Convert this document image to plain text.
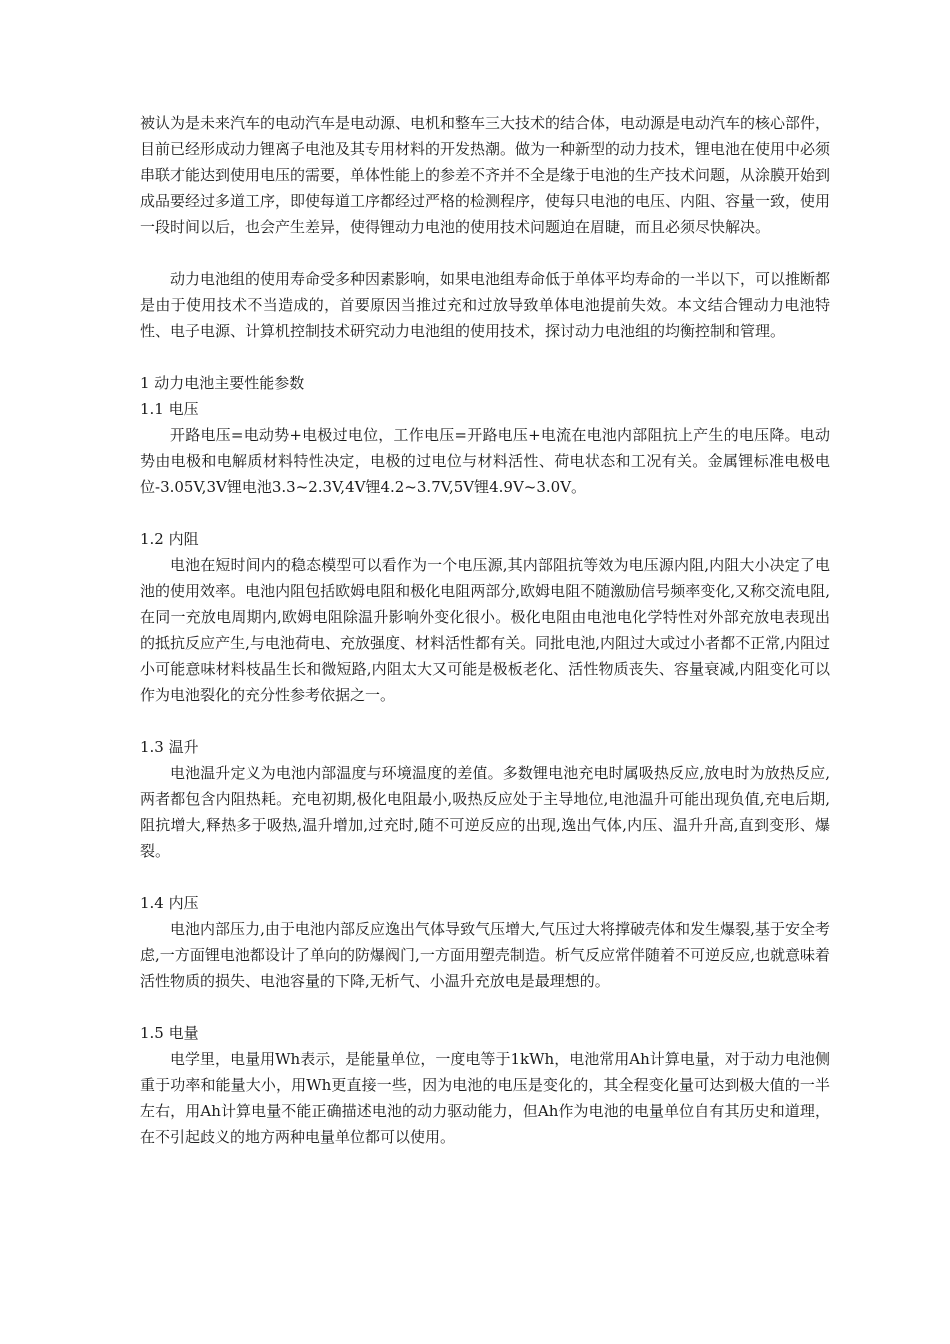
被认为是未来汽车的电动汽车是电动源、电机和整车三大技术的结合体，电动源是电动汽车的核心部件，目前已经形成动力锂离子电池及其专用材料的开发热潮。做为一种新型的动力技术，锂电池在使用中必须串联才能达到使用电压的需要，单体性能上的参差不齐并不全是缘于电池的生产技术问题，从涂膜开始到成品要经过多道工序，即使每道工序都经过严格的检测程序，使每只电池的电压、内阻、容量一致，使用一段时间以后，也会产生差异，使得锂动力电池的使用技术问题迫在眉睫，而且必须尽快解决。

动力电池组的使用寿命受多种因素影响，如果电池组寿命低于单体平均寿命的一半以下，可以推断都是由于使用技术不当造成的，首要原因当推过充和过放导致单体电池提前失效。本文结合锂动力电池特性、电子电源、计算机控制技术研究动力电池组的使用技术，探讨动力电池组的均衡控制和管理。

1 动力电池主要性能参数

1.1 电压

开路电压=电动势+电极过电位，工作电压=开路电压+电流在电池内部阻抗上产生的电压降。电动势由电极和电解质材料特性决定，电极的过电位与材料活性、荷电状态和工况有关。金属锂标准电极电位-3.05V,3V锂电池3.3~2.3V,4V锂4.2~3.7V,5V锂4.9V~3.0V。

1.2 内阻

电池在短时间内的稳态模型可以看作为一个电压源,其内部阻抗等效为电压源内阻,内阻大小决定了电池的使用效率。电池内阻包括欧姆电阻和极化电阻两部分,欧姆电阻不随激励信号频率变化,又称交流电阻,在同一充放电周期内,欧姆电阻除温升影响外变化很小。极化电阻由电池电化学特性对外部充放电表现出的抵抗反应产生,与电池荷电、充放强度、材料活性都有关。同批电池,内阻过大或过小者都不正常,内阻过小可能意味材料枝晶生长和微短路,内阻太大又可能是极板老化、活性物质丧失、容量衰减,内阻变化可以作为电池裂化的充分性参考依据之一。

1.3 温升

电池温升定义为电池内部温度与环境温度的差值。多数锂电池充电时属吸热反应,放电时为放热反应,两者都包含内阻热耗。充电初期,极化电阻最小,吸热反应处于主导地位,电池温升可能出现负值,充电后期,阻抗增大,释热多于吸热,温升增加,过充时,随不可逆反应的出现,逸出气体,内压、温升升高,直到变形、爆裂。

1.4 内压

电池内部压力,由于电池内部反应逸出气体导致气压增大,气压过大将撑破壳体和发生爆裂,基于安全考虑,一方面锂电池都设计了单向的防爆阀门,一方面用塑壳制造。析气反应常伴随着不可逆反应,也就意味着活性物质的损失、电池容量的下降,无析气、小温升充放电是最理想的。

1.5 电量

电学里，电量用Wh表示，是能量单位，一度电等于1kWh，电池常用Ah计算电量，对于动力电池侧重于功率和能量大小，用Wh更直接一些，因为电池的电压是变化的，其全程变化量可达到极大值的一半左右，用Ah计算电量不能正确描述电池的动力驱动能力，但Ah作为电池的电量单位自有其历史和道理，在不引起歧义的地方两种电量单位都可以使用。
